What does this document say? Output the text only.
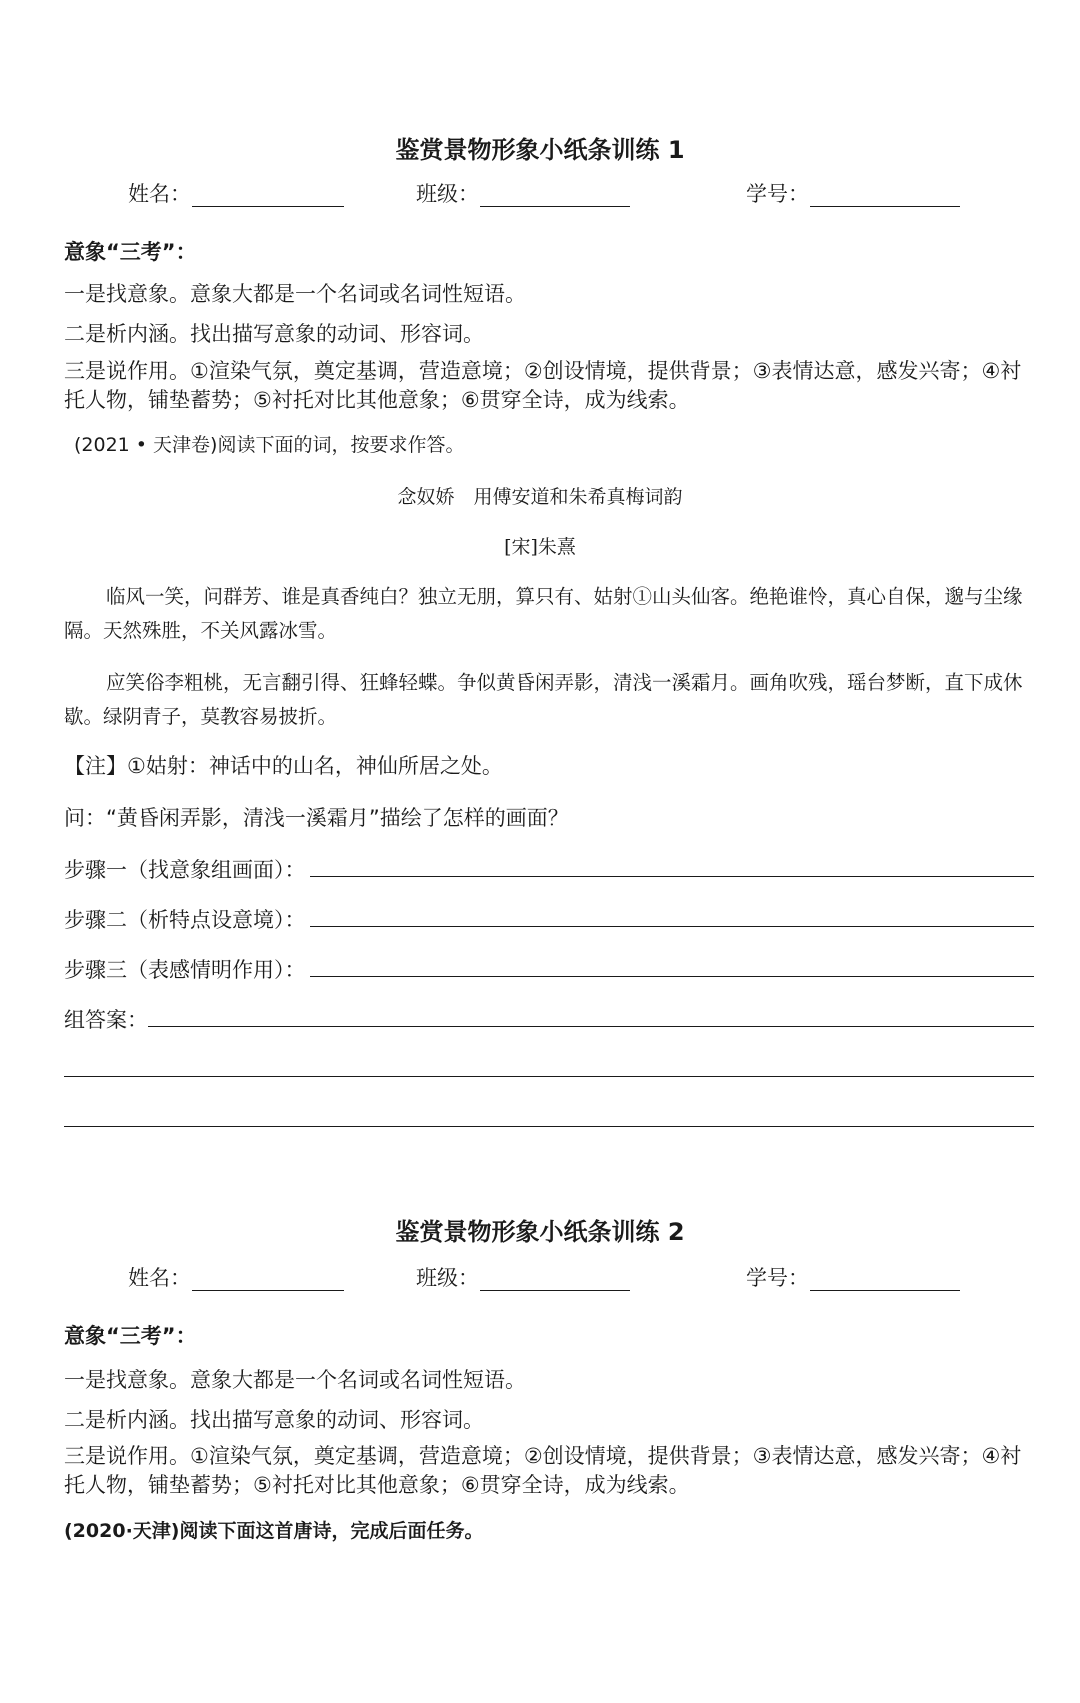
鉴赏景物形象小纸条训练 1
姓名：	班级：	学号：
意象“三考”：
一是找意象。意象大都是一个名词或名词性短语。
二是析内涵。找出描写意象的动词、形容词。
三是说作用。①渲染气氛，奠定基调，营造意境；②创设情境，提供背景；③表情达意，感发兴寄；④衬托人物，铺垫蓄势；⑤衬托对比其他意象；⑥贯穿全诗，成为线索。
(2021 • 天津卷)阅读下面的词，按要求作答。
念奴娇　用傅安道和朱希真梅词韵
[宋]朱熹
临风一笑，问群芳、谁是真香纯白？独立无朋，算只有、姑射①山头仙客。绝艳谁怜，真心自保，邈与尘缘隔。天然殊胜，不关风露冰雪。
应笑俗李粗桃，无言翻引得、狂蜂轻蝶。争似黄昏闲弄影，清浅一溪霜月。画角吹残，瑶台梦断，直下成休歇。绿阴青子，莫教容易披折。
【注】①姑射：神话中的山名，神仙所居之处。
问：“黄昏闲弄影，清浅一溪霜月”描绘了怎样的画面？
步骤一（找意象组画面）：
步骤二（析特点设意境）：
步骤三（表感情明作用）：
组答案：
鉴赏景物形象小纸条训练 2
姓名：	班级：	学号：
意象“三考”：
一是找意象。意象大都是一个名词或名词性短语。
二是析内涵。找出描写意象的动词、形容词。
三是说作用。①渲染气氛，奠定基调，营造意境；②创设情境，提供背景；③表情达意，感发兴寄；④衬托人物，铺垫蓄势；⑤衬托对比其他意象；⑥贯穿全诗，成为线索。
(2020·天津)阅读下面这首唐诗，完成后面任务。
